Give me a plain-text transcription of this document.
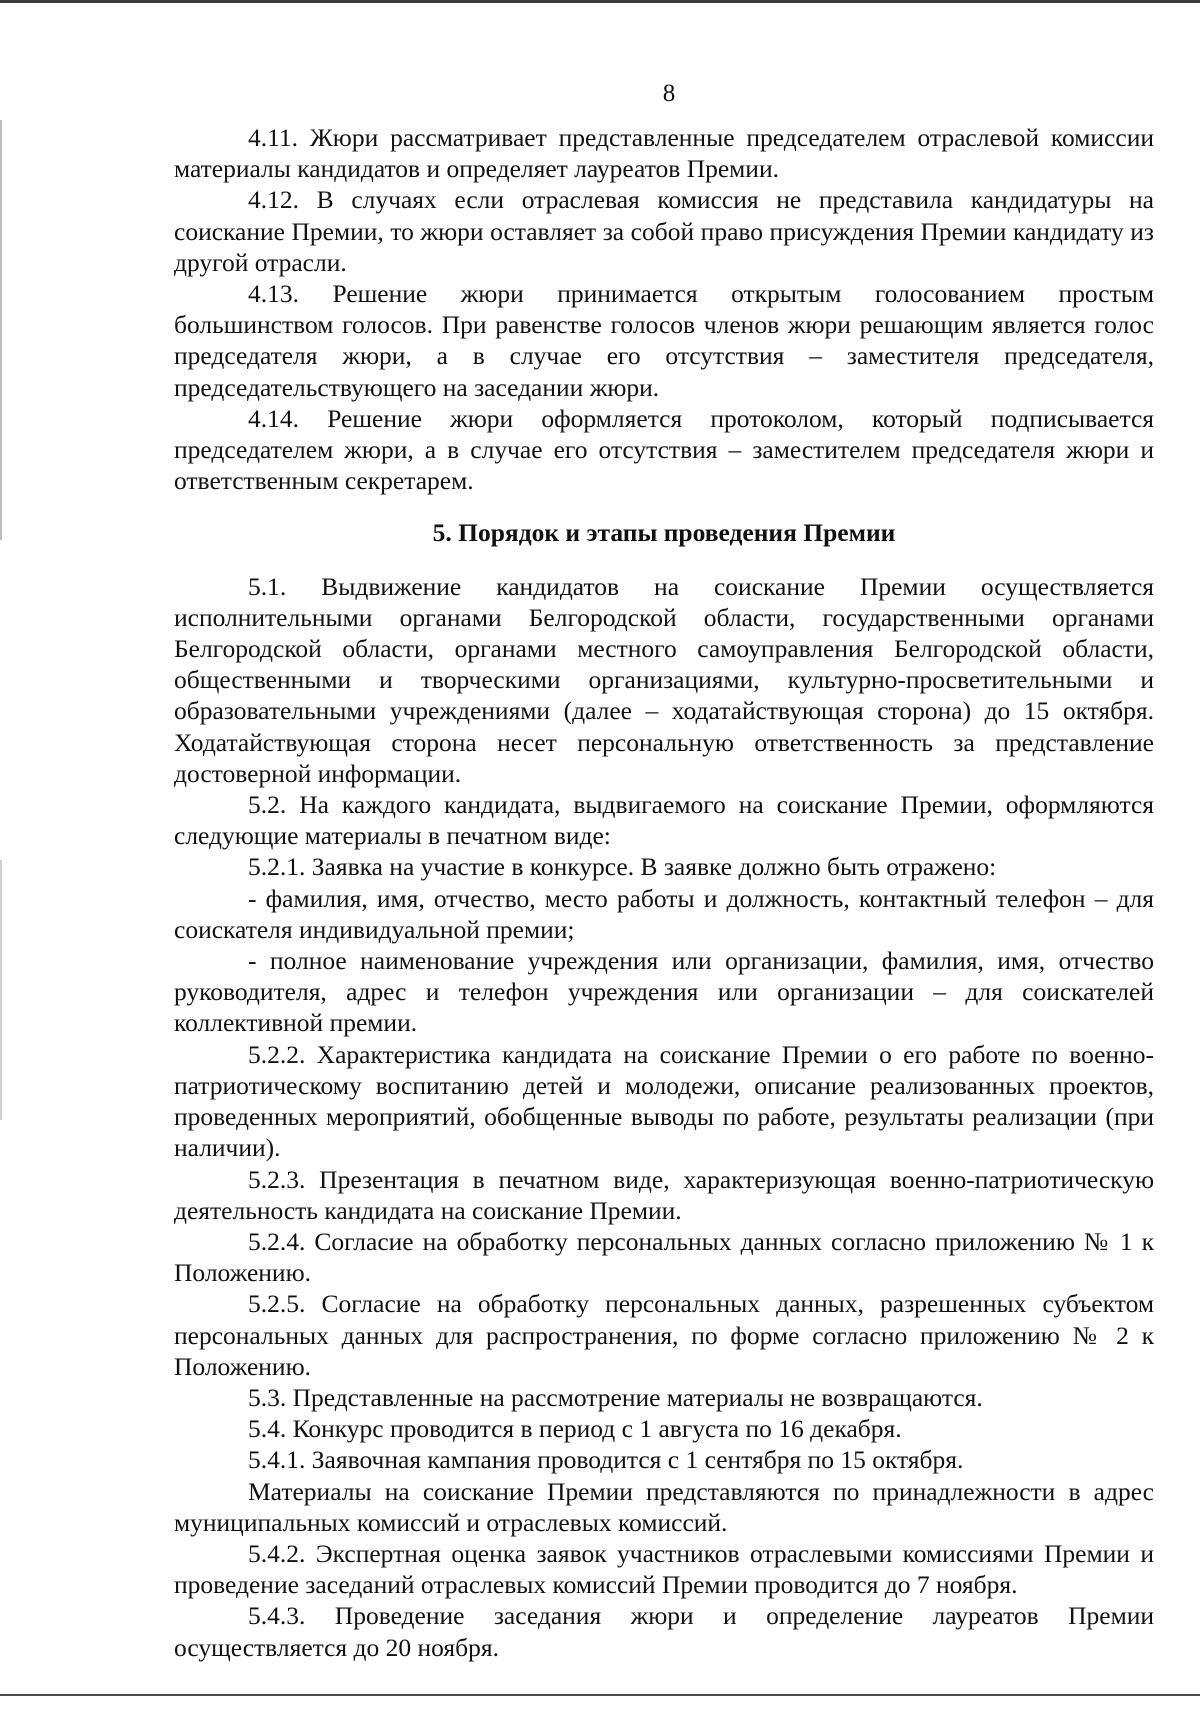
8

4.11. Жюри рассматривает представленные председателем отраслевой комиссии материалы кандидатов и определяет лауреатов Премии.

4.12. В случаях если отраслевая комиссия не представила кандидатуры на соискание Премии, то жюри оставляет за собой право присуждения Премии кандидату из другой отрасли.

4.13. Решение жюри принимается открытым голосованием простым большинством голосов. При равенстве голосов членов жюри решающим является голос председателя жюри, а в случае его отсутствия – заместителя председателя, председательствующего на заседании жюри.

4.14. Решение жюри оформляется протоколом, который подписывается председателем жюри, а в случае его отсутствия – заместителем председателя жюри и ответственным секретарем.

5. Порядок и этапы проведения Премии

5.1. Выдвижение кандидатов на соискание Премии осуществляется исполнительными органами Белгородской области, государственными органами Белгородской области, органами местного самоуправления Белгородской области, общественными и творческими организациями, культурно-просветительными и образовательными учреждениями (далее – ходатайствующая сторона) до 15 октября. Ходатайствующая сторона несет персональную ответственность за представление достоверной информации.

5.2. На каждого кандидата, выдвигаемого на соискание Премии, оформляются следующие материалы в печатном виде:

5.2.1. Заявка на участие в конкурсе. В заявке должно быть отражено:

- фамилия, имя, отчество, место работы и должность, контактный телефон – для соискателя индивидуальной премии;

- полное наименование учреждения или организации, фамилия, имя, отчество руководителя, адрес и телефон учреждения или организации – для соискателей коллективной премии.

5.2.2. Характеристика кандидата на соискание Премии о его работе по военно-патриотическому воспитанию детей и молодежи, описание реализованных проектов, проведенных мероприятий, обобщенные выводы по работе, результаты реализации (при наличии).

5.2.3. Презентация в печатном виде, характеризующая военно-патриотическую деятельность кандидата на соискание Премии.

5.2.4. Согласие на обработку персональных данных согласно приложению № 1 к Положению.

5.2.5. Согласие на обработку персональных данных, разрешенных субъектом персональных данных для распространения, по форме согласно приложению № 2 к Положению.

5.3. Представленные на рассмотрение материалы не возвращаются.

5.4. Конкурс проводится в период с 1 августа по 16 декабря.

5.4.1. Заявочная кампания проводится с 1 сентября по 15 октября.

Материалы на соискание Премии представляются по принадлежности в адрес муниципальных комиссий и отраслевых комиссий.

5.4.2. Экспертная оценка заявок участников отраслевыми комиссиями Премии и проведение заседаний отраслевых комиссий Премии проводится до 7 ноября.

5.4.3. Проведение заседания жюри и определение лауреатов Премии осуществляется до 20 ноября.
